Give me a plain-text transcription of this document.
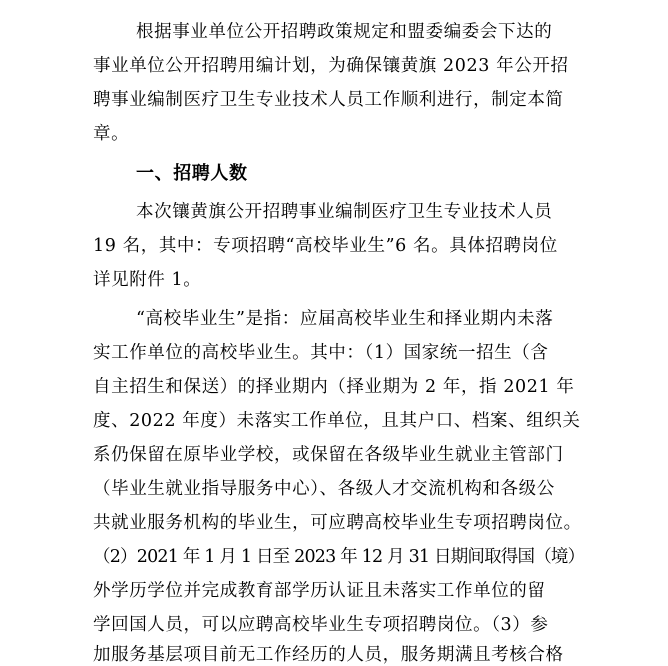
根据事业单位公开招聘政策规定和盟委编委会下达的
事业单位公开招聘用编计划，为确保镶黄旗 2023 年公开招
聘事业编制医疗卫生专业技术人员工作顺利进行，制定本简
章。
一、招聘人数
本次镶黄旗公开招聘事业编制医疗卫生专业技术人员
19 名，其中：专项招聘“高校毕业生”6 名。具体招聘岗位
详见附件 1。
“高校毕业生”是指：应届高校毕业生和择业期内未落
实工作单位的高校毕业生。其中：（1）国家统一招生（含
自主招生和保送）的择业期内（择业期为 2 年，指 2021 年
度、2022 年度）未落实工作单位，且其户口、档案、组织关
系仍保留在原毕业学校，或保留在各级毕业生就业主管部门
（毕业生就业指导服务中心）、各级人才交流机构和各级公
共就业服务机构的毕业生，可应聘高校毕业生专项招聘岗位。
（2）2021 年 1 月 1 日至 2023 年 12 月 31 日期间取得国（境）
外学历学位并完成教育部学历认证且未落实工作单位的留
学回国人员，可以应聘高校毕业生专项招聘岗位。（3）参
加服务基层项目前无工作经历的人员，服务期满且考核合格
